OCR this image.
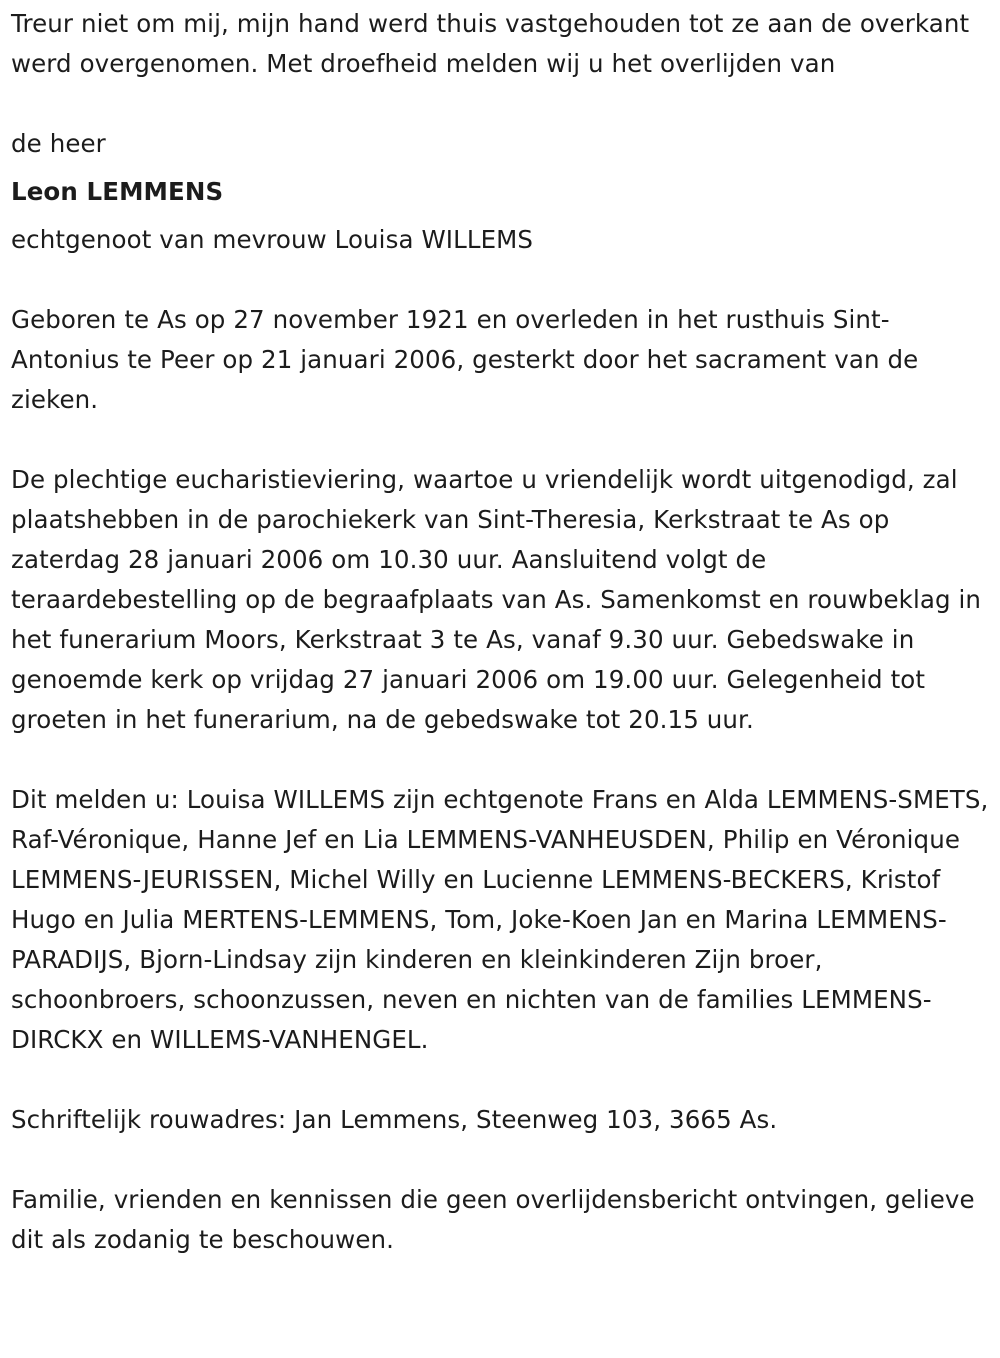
Treur niet om mij, mijn hand werd thuis vastgehouden tot ze aan de overkant werd overgenomen. Met droefheid melden wij u het overlijden van

de heer

Leon LEMMENS

echtgenoot van mevrouw Louisa WILLEMS

Geboren te As op 27 november 1921 en overleden in het rusthuis Sint-Antonius te Peer op 21 januari 2006, gesterkt door het sacrament van de zieken.

De plechtige eucharistieviering, waartoe u vriendelijk wordt uitgenodigd, zal plaatshebben in de parochiekerk van Sint-Theresia, Kerkstraat te As op zaterdag 28 januari 2006 om 10.30 uur. Aansluitend volgt de teraardebestelling op de begraafplaats van As. Samenkomst en rouwbeklag in het funerarium Moors, Kerkstraat 3 te As, vanaf 9.30 uur. Gebedswake in genoemde kerk op vrijdag 27 januari 2006 om 19.00 uur. Gelegenheid tot groeten in het funerarium, na de gebedswake tot 20.15 uur.

Dit melden u: Louisa WILLEMS zijn echtgenote Frans en Alda LEMMENS-SMETS, Raf-Véronique, Hanne Jef en Lia LEMMENS-VANHEUSDEN, Philip en Véronique LEMMENS-JEURISSEN, Michel Willy en Lucienne LEMMENS-BECKERS, Kristof Hugo en Julia MERTENS-LEMMENS, Tom, Joke-Koen Jan en Marina LEMMENS-PARADIJS, Bjorn-Lindsay zijn kinderen en kleinkinderen Zijn broer, schoonbroers, schoonzussen, neven en nichten van de families LEMMENS-DIRCKX en WILLEMS-VANHENGEL.

Schriftelijk rouwadres: Jan Lemmens, Steenweg 103, 3665 As.

Familie, vrienden en kennissen die geen overlijdensbericht ontvingen, gelieve dit als zodanig te beschouwen.
